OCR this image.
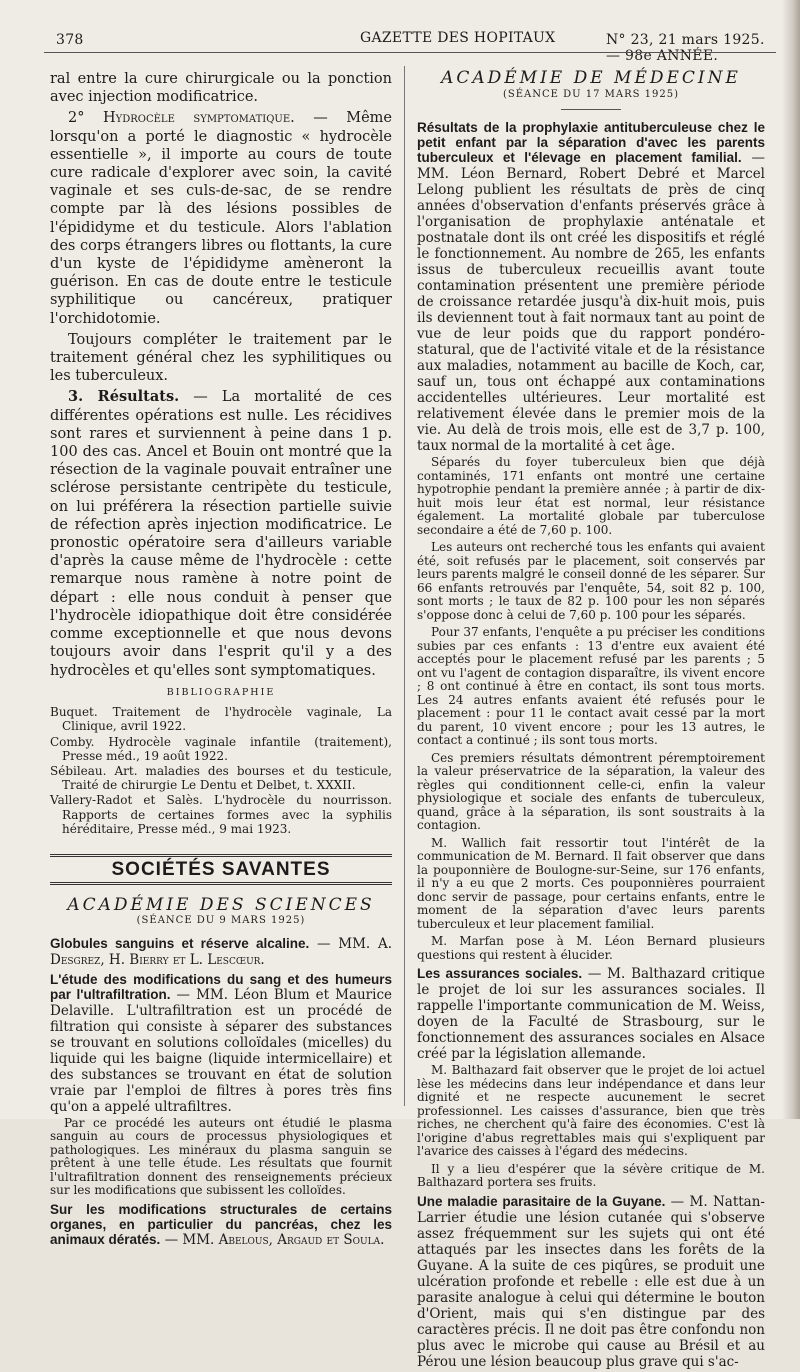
378	GAZETTE DES HOPITAUX	N° 23, 21 mars 1925. — 98e ANNÉE.

ral entre la cure chirurgicale ou la ponction avec injection modificatrice.

2° Hydrocèle symptomatique. — Même lorsqu'on a porté le diagnostic « hydrocèle essentielle », il importe au cours de toute cure radicale d'explorer avec soin, la cavité vaginale et ses culs-de-sac, de se rendre compte par là des lésions possibles de l'épididyme et du testicule. Alors l'ablation des corps étrangers libres ou flottants, la cure d'un kyste de l'épididyme amèneront la guérison. En cas de doute entre le testicule syphilitique ou cancéreux, pratiquer l'orchidotomie.

Toujours compléter le traitement par le traitement général chez les syphilitiques ou les tuberculeux.

3. Résultats. — La mortalité de ces différentes opérations est nulle. Les récidives sont rares et surviennent à peine dans 1 p. 100 des cas. Ancel et Bouin ont montré que la résection de la vaginale pouvait entraîner une sclérose persistante centripète du testicule, on lui préférera la résection partielle suivie de réfection après injection modificatrice. Le pronostic opératoire sera d'ailleurs variable d'après la cause même de l'hydrocèle : cette remarque nous ramène à notre point de départ : elle nous conduit à penser que l'hydrocèle idiopathique doit être considérée comme exceptionnelle et que nous devons toujours avoir dans l'esprit qu'il y a des hydrocèles et qu'elles sont symptomatiques.

BIBLIOGRAPHIE

Buquet. Traitement de l'hydrocèle vaginale, La Clinique, avril 1922.

Comby. Hydrocèle vaginale infantile (traitement), Presse méd., 19 août 1922.

Sébileau. Art. maladies des bourses et du testicule, Traité de chirurgie Le Dentu et Delbet, t. XXXII.

Vallery-Radot et Salès. L'hydrocèle du nourrisson. Rapports de certaines formes avec la syphilis héréditaire, Presse méd., 9 mai 1923.

SOCIÉTÉS SAVANTES
ACADÉMIE DES SCIENCES
(SÉANCE DU 9 MARS 1925)
Globules sanguins et réserve alcaline. — MM. A. Desgrez, H. Bierry et L. Lescœur.
L'étude des modifications du sang et des humeurs par l'ultrafiltration. — MM. Léon Blum et Maurice Delaville. L'ultrafiltration est un procédé de filtration qui consiste à séparer des substances se trouvant en solutions colloïdales (micelles) du liquide qui les baigne (liquide intermicellaire) et des substances se trouvant en état de solution vraie par l'emploi de filtres à pores très fins qu'on a appelé ultrafiltres.

Par ce procédé les auteurs ont étudié le plasma sanguin au cours de processus physiologiques et pathologiques. Les minéraux du plasma sanguin se prêtent à une telle étude. Les résultats que fournit l'ultrafiltration donnent des renseignements précieux sur les modifications que subissent les colloïdes.

Sur les modifications structurales de certains organes, en particulier du pancréas, chez les animaux dératés. — MM. Abelous, Argaud et Soula.
ACADÉMIE DE MÉDECINE
(SÉANCE DU 17 MARS 1925)
Résultats de la prophylaxie antituberculeuse chez le petit enfant par la séparation d'avec les parents tuberculeux et l'élevage en placement familial. — MM. Léon Bernard, Robert Debré et Marcel Lelong publient les résultats de près de cinq années d'observation d'enfants préservés grâce à l'organisation de prophylaxie anténatale et postnatale dont ils ont créé les dispositifs et réglé le fonctionnement. Au nombre de 265, les enfants issus de tuberculeux recueillis avant toute contamination présentent une première période de croissance retardée jusqu'à dix-huit mois, puis ils deviennent tout à fait normaux tant au point de vue de leur poids que du rapport pondéro-statural, que de l'activité vitale et de la résistance aux maladies, notamment au bacille de Koch, car, sauf un, tous ont échappé aux contaminations accidentelles ultérieures. Leur mortalité est relativement élevée dans le premier mois de la vie. Au delà de trois mois, elle est de 3,7 p. 100, taux normal de la mortalité à cet âge.

Séparés du foyer tuberculeux bien que déjà contaminés, 171 enfants ont montré une certaine hypotrophie pendant la première année ; à partir de dix-huit mois leur état est normal, leur résistance également. La mortalité globale par tuberculose secondaire a été de 7,60 p. 100.

Les auteurs ont recherché tous les enfants qui avaient été, soit refusés par le placement, soit conservés par leurs parents malgré le conseil donné de les séparer. Sur 66 enfants retrouvés par l'enquête, 54, soit 82 p. 100, sont morts ; le taux de 82 p. 100 pour les non séparés s'oppose donc à celui de 7,60 p. 100 pour les séparés.

Pour 37 enfants, l'enquête a pu préciser les conditions subies par ces enfants : 13 d'entre eux avaient été acceptés pour le placement refusé par les parents ; 5 ont vu l'agent de contagion disparaître, ils vivent encore ; 8 ont continué à être en contact, ils sont tous morts. Les 24 autres enfants avaient été refusés pour le placement : pour 11 le contact avait cessé par la mort du parent, 10 vivent encore ; pour les 13 autres, le contact a continué ; ils sont tous morts.

Ces premiers résultats démontrent péremptoirement la valeur préservatrice de la séparation, la valeur des règles qui conditionnent celle-ci, enfin la valeur physiologique et sociale des enfants de tuberculeux, quand, grâce à la séparation, ils sont soustraits à la contagion.

M. Wallich fait ressortir tout l'intérêt de la communication de M. Bernard. Il fait observer que dans la pouponnière de Boulogne-sur-Seine, sur 176 enfants, il n'y a eu que 2 morts. Ces pouponnières pourraient donc servir de passage, pour certains enfants, entre le moment de la séparation d'avec leurs parents tuberculeux et leur placement familial.

M. Marfan pose à M. Léon Bernard plusieurs questions qui restent à élucider.

Les assurances sociales. — M. Balthazard critique le projet de loi sur les assurances sociales. Il rappelle l'importante communication de M. Weiss, doyen de la Faculté de Strasbourg, sur le fonctionnement des assurances sociales en Alsace créé par la législation allemande.

M. Balthazard fait observer que le projet de loi actuel lèse les médecins dans leur indépendance et dans leur dignité et ne respecte aucunement le secret professionnel. Les caisses d'assurance, bien que très riches, ne cherchent qu'à faire des économies. C'est là l'origine d'abus regrettables mais qui s'expliquent par l'avarice des caisses à l'égard des médecins.

Il y a lieu d'espérer que la sévère critique de M. Balthazard portera ses fruits.

Une maladie parasitaire de la Guyane. — M. Nattan-Larrier étudie une lésion cutanée qui s'observe assez fréquemment sur les sujets qui ont été attaqués par les insectes dans les forêts de la Guyane. A la suite de ces piqûres, se produit une ulcération profonde et rebelle : elle est due à un parasite analogue à celui qui détermine le bouton d'Orient, mais qui s'en distingue par des caractères précis. Il ne doit pas être confondu non plus avec le microbe qui cause au Brésil et au Pérou une lésion beaucoup plus grave qui s'ac-
